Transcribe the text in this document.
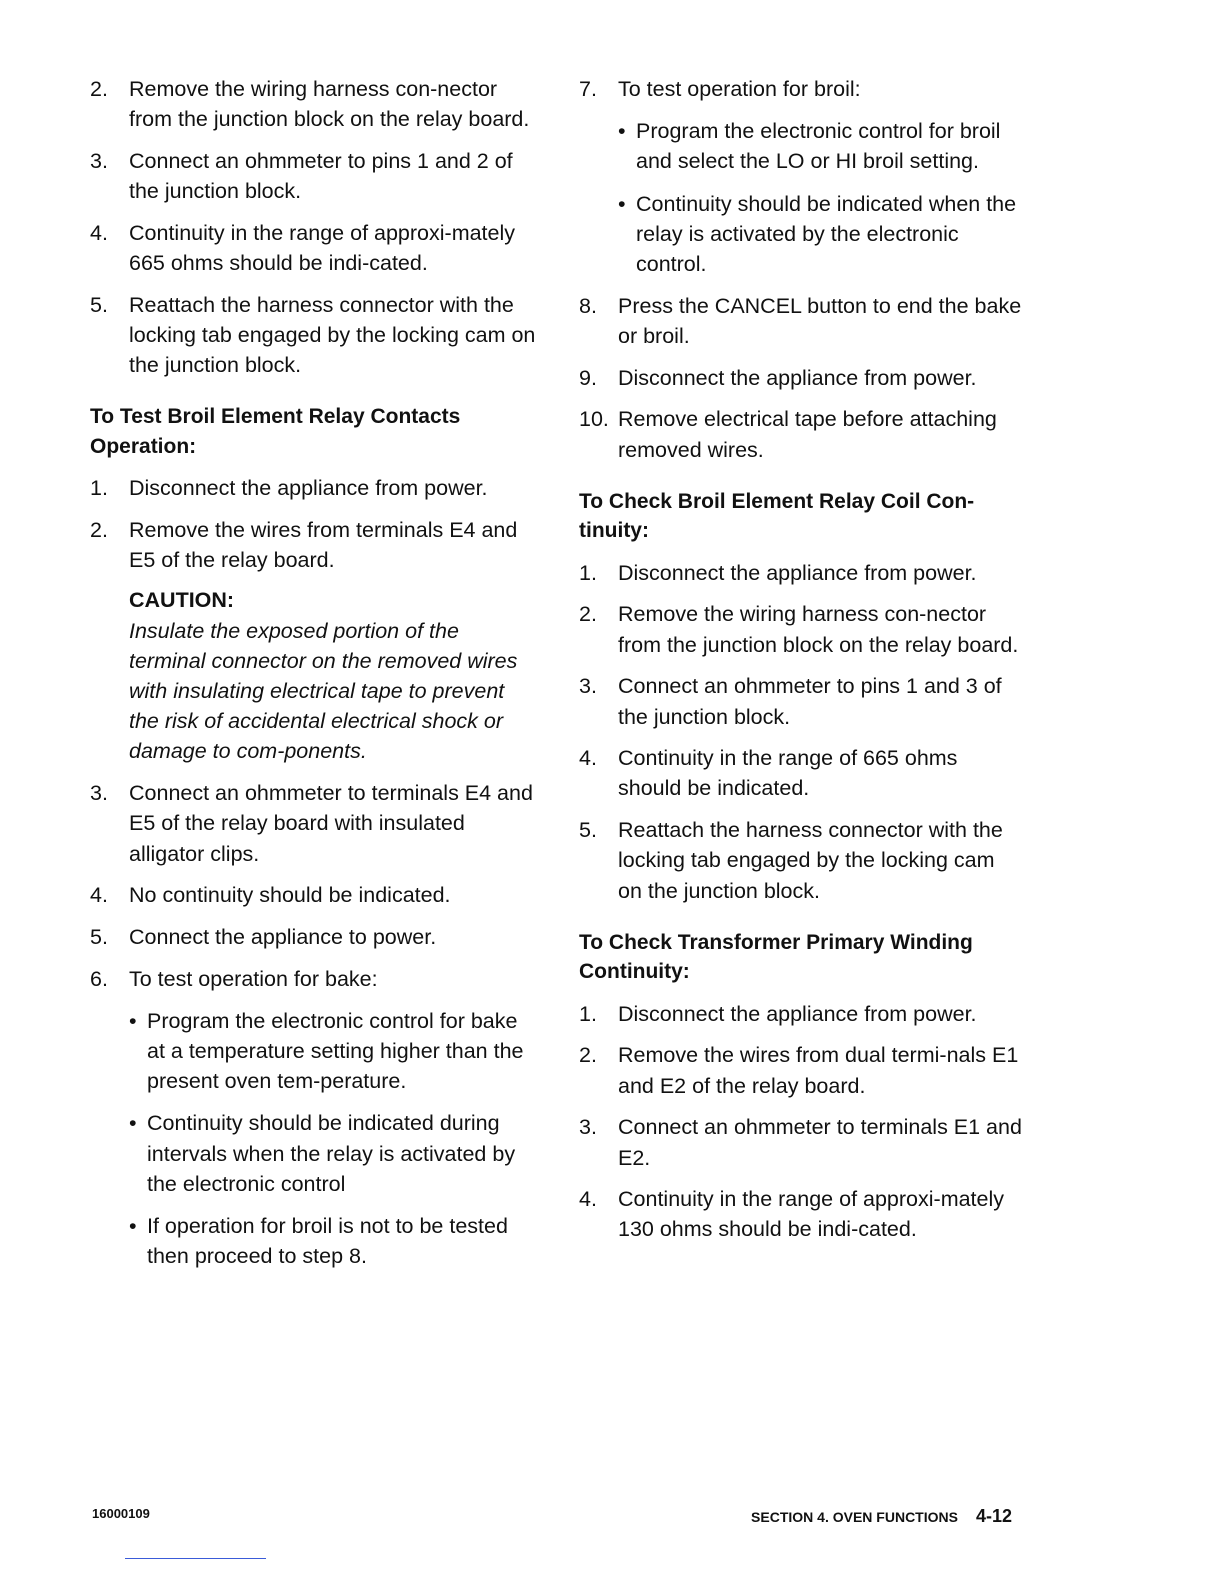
2. Remove the wiring harness con-nector from the junction block on the relay board.
3. Connect an ohmmeter to pins 1 and 2 of the junction block.
4. Continuity in the range of approxi-mately 665 ohms should be indi-cated.
5. Reattach the harness connector with the locking tab engaged by the locking cam on the junction block.
To Test Broil Element Relay Contacts Operation:
1. Disconnect the appliance from power.
2. Remove the wires from terminals E4 and E5 of the relay board.
CAUTION:
Insulate the exposed portion of the terminal connector on the removed wires with insulating electrical tape to prevent the risk of accidental electrical shock or damage to com-ponents.
3. Connect an ohmmeter to terminals E4 and E5 of the relay board with insulated alligator clips.
4. No continuity should be indicated.
5. Connect the appliance to power.
6. To test operation for bake:
• Program the electronic control for bake at a temperature setting higher than the present oven tem-perature.
• Continuity should be indicated during intervals when the relay is activated by the electronic control
• If operation for broil is not to be tested then proceed to step 8.
7. To test operation for broil:
• Program the electronic control for broil and select the LO or HI broil setting.
• Continuity should be indicated when the relay is activated by the electronic control.
8. Press the CANCEL button to end the bake or broil.
9. Disconnect the appliance from power.
10. Remove electrical tape before attaching removed wires.
To Check Broil Element Relay Coil Con-tinuity:
1. Disconnect the appliance from power.
2. Remove the wiring harness con-nector from the junction block on the relay board.
3. Connect an ohmmeter to pins 1 and 3 of the junction block.
4. Continuity in the range of 665 ohms should be indicated.
5. Reattach the harness connector with the locking tab engaged by the locking cam on the junction block.
To Check Transformer Primary Winding Continuity:
1. Disconnect the appliance from power.
2. Remove the wires from dual termi-nals E1 and E2 of the relay board.
3. Connect an ohmmeter to terminals E1 and E2.
4. Continuity in the range of approxi-mately 130 ohms should be indi-cated.
16000109	SECTION 4. OVEN FUNCTIONS 4-12
